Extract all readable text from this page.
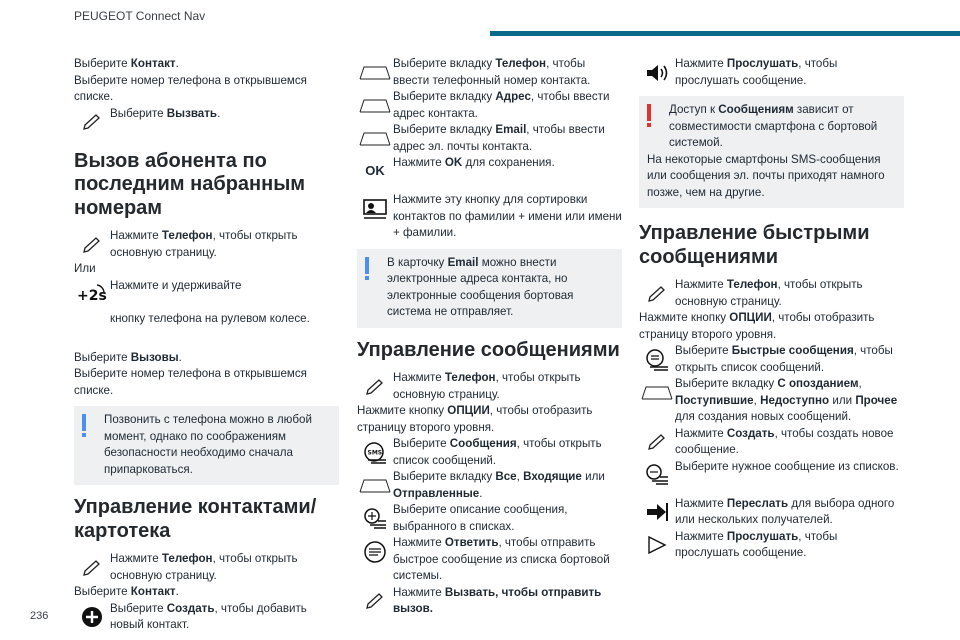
PEUGEOT Connect Nav

Выберите Контакт.

Выберите номер телефона в открывшемся списке.

Выберите Вызвать.
Вызов абонента по последним набранным номерам
Нажмите Телефон, чтобы открыть основную страницу.

Или

+2s
Нажмите и удерживайте
кнопку телефона на рулевом колесе.

Выберите Вызовы.

Выберите номер телефона в открывшемся списке.

Позвонить с телефона можно в любой момент, однако по соображениям безопасности необходимо сначала припарковаться.
Управление контактами/ картотека
Нажмите Телефон, чтобы открыть основную страницу.

Выберите Контакт.

Выберите Создать, чтобы добавить новый контакт.
Выберите вкладку Телефон, чтобы ввести телефонный номер контакта.
Выберите вкладку Адрес, чтобы ввести адрес контакта.
Выберите вкладку Email, чтобы ввести адрес эл. почты контакта.
OK
Нажмите OK для сохранения.
Нажмите эту кнопку для сортировки контактов по фамилии + имени или имени + фамилии.
В карточку Email можно внести электронные адреса контакта, но электронные сообщения бортовая система не отправляет.
Управление сообщениями
Нажмите Телефон, чтобы открыть основную страницу.

Нажмите кнопку ОПЦИИ, чтобы отобразить страницу второго уровня.

SMS
Выберите Сообщения, чтобы открыть список сообщений.
Выберите вкладку Все, Входящие или Отправленные.
Выберите описание сообщения, выбранного в списках.
Нажмите Ответить, чтобы отправить быстрое сообщение из списка бортовой системы.
Нажмите Вызвать, чтобы отправить вызов.
Нажмите Прослушать, чтобы прослушать сообщение.
Доступ к Сообщениям зависит от совместимости смартфона с бортовой системой.
На некоторые смартфоны SMS-сообщения или сообщения эл. почты приходят намного позже, чем на другие.
Управление быстрыми сообщениями
Нажмите Телефон, чтобы открыть основную страницу.

Нажмите кнопку ОПЦИИ, чтобы отобразить страницу второго уровня.

Выберите Быстрые сообщения, чтобы открыть список сообщений.
Выберите вкладку С опозданием, Поступившие, Недоступно или Прочее для создания новых сообщений.
Нажмите Создать, чтобы создать новое сообщение.
Выберите нужное сообщение из списков.
Нажмите Переслать для выбора одного или нескольких получателей.
Нажмите Прослушать, чтобы прослушать сообщение.
236
